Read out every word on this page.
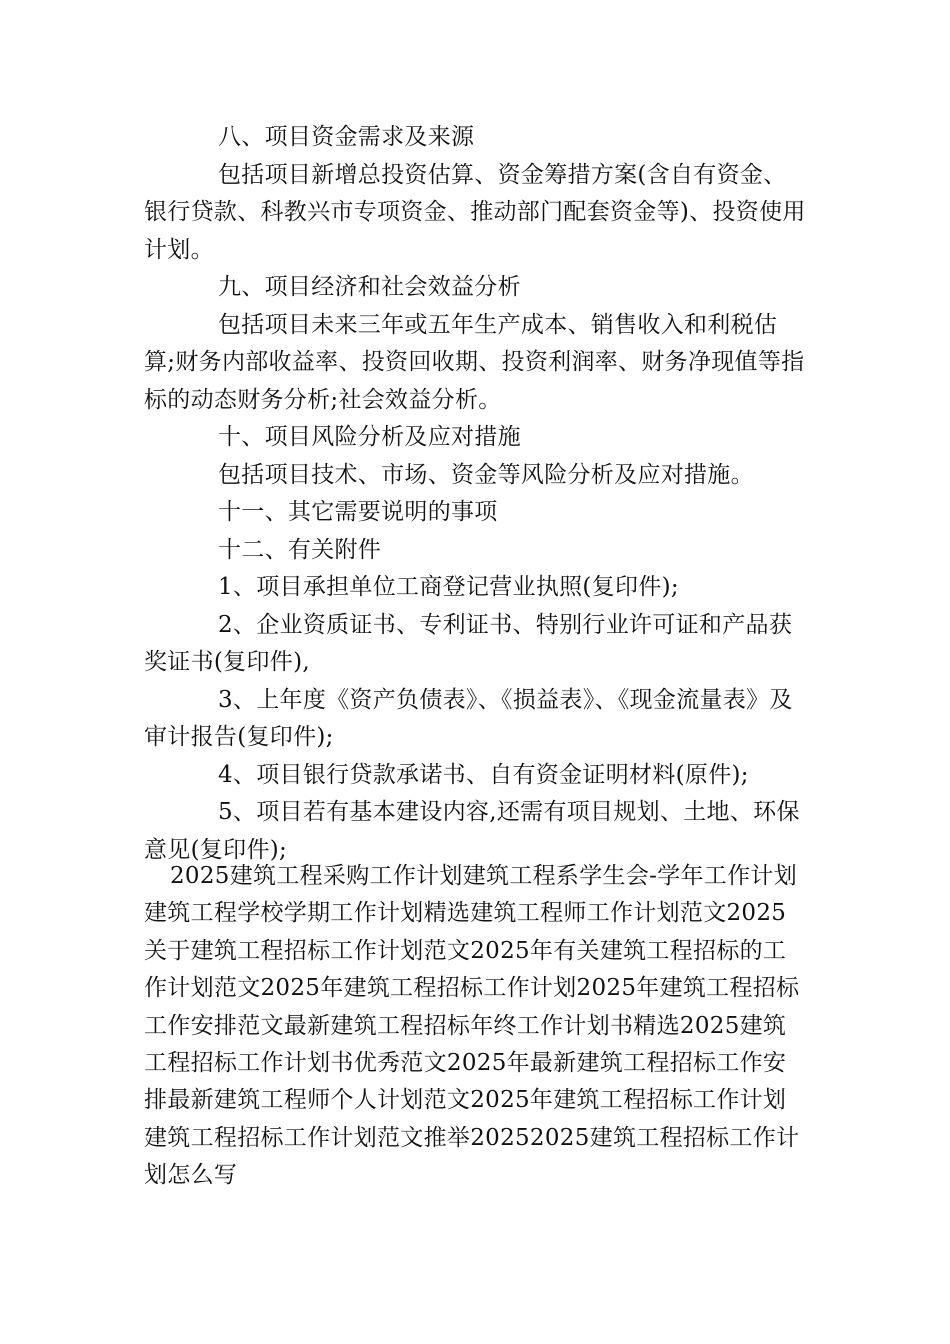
八、项目资金需求及来源

包括项目新增总投资估算、资金筹措方案(含自有资金、银行贷款、科教兴市专项资金、推动部门配套资金等)、投资使用计划。

九、项目经济和社会效益分析

包括项目未来三年或五年生产成本、销售收入和利税估算;财务内部收益率、投资回收期、投资利润率、财务净现值等指标的动态财务分析;社会效益分析。

十、项目风险分析及应对措施

包括项目技术、市场、资金等风险分析及应对措施。

十一、其它需要说明的事项

十二、有关附件

1、项目承担单位工商登记营业执照(复印件);

2、企业资质证书、专利证书、特别行业许可证和产品获奖证书(复印件),

3、上年度《资产负债表》、《损益表》、《现金流量表》及审计报告(复印件);

4、项目银行贷款承诺书、自有资金证明材料(原件);

5、项目若有基本建设内容,还需有项目规划、土地、环保意见(复印件);

2025建筑工程采购工作计划建筑工程系学生会-学年工作计划建筑工程学校学期工作计划精选建筑工程师工作计划范文2025关于建筑工程招标工作计划范文2025年有关建筑工程招标的工作计划范文2025年建筑工程招标工作计划2025年建筑工程招标工作安排范文最新建筑工程招标年终工作计划书精选2025建筑工程招标工作计划书优秀范文2025年最新建筑工程招标工作安排最新建筑工程师个人计划范文2025年建筑工程招标工作计划建筑工程招标工作计划范文推举20252025建筑工程招标工作计划怎么写
